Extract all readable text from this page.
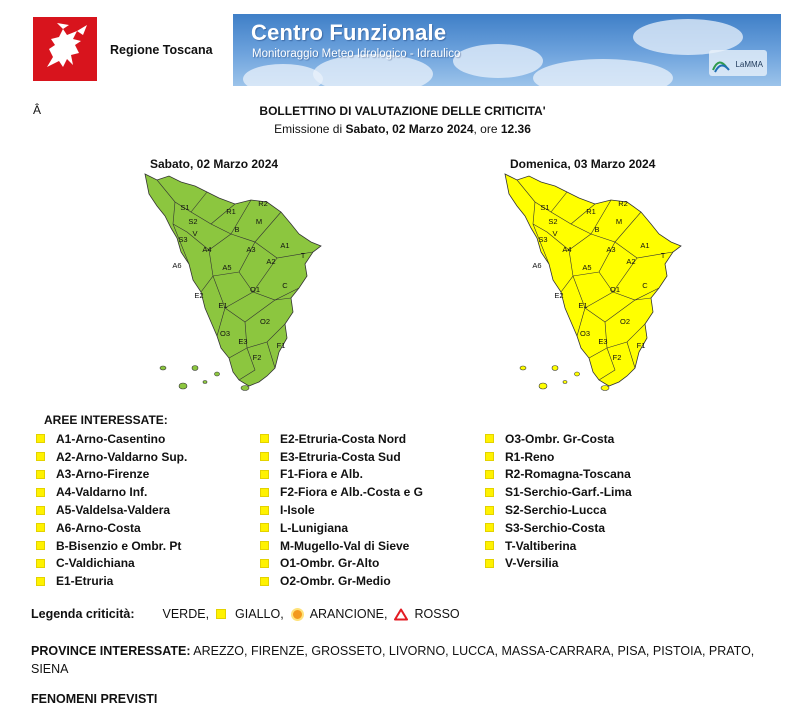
Regione Toscana
Centro Funzionale
Monitoraggio Meteo Idrologico - Idraulico
LaMMA
Â	BOLLETTINO DI VALUTAZIONE DELLE CRITICITA'
Emissione di Sabato, 02 Marzo 2024, ore 12.36
Sabato, 02 Marzo 2024	Domenica, 03 Marzo 2024
S1	R2
S2
R1
M
S3
B
V
A4	A3	A1
A6	A5
A2
T
O1
E2
C
E1
O2
E3	F1
F2
O3
S1	R2
S2
R1
M
S3
B
V
A4	A3	A1
A6	A5
A2
T
O1
E2
C
E1
O2
E3	F1
F2
O3
AREE INTERESSATE:
A1-Arno-Casentino
A2-Arno-Valdarno Sup.
A3-Arno-Firenze
A4-Valdarno Inf.
A5-Valdelsa-Valdera
A6-Arno-Costa
B-Bisenzio e Ombr. Pt
C-Valdichiana
E1-Etruria
E2-Etruria-Costa Nord
E3-Etruria-Costa Sud
F1-Fiora e Alb.
F2-Fiora e Alb.-Costa e G
I-Isole
L-Lunigiana
M-Mugello-Val di Sieve
O1-Ombr. Gr-Alto
O2-Ombr. Gr-Medio
O3-Ombr. Gr-Costa
R1-Reno
R2-Romagna-Toscana
S1-Serchio-Garf.-Lima
S2-Serchio-Lucca
S3-Serchio-Costa
T-Valtiberina
V-Versilia
Legenda criticità: VERDE, GIALLO, ARANCIONE, ROSSO
PROVINCE INTERESSATE: AREZZO, FIRENZE, GROSSETO, LIVORNO, LUCCA, MASSA-CARRARA, PISA, PISTOIA, PRATO, SIENA
FENOMENI PREVISTI
